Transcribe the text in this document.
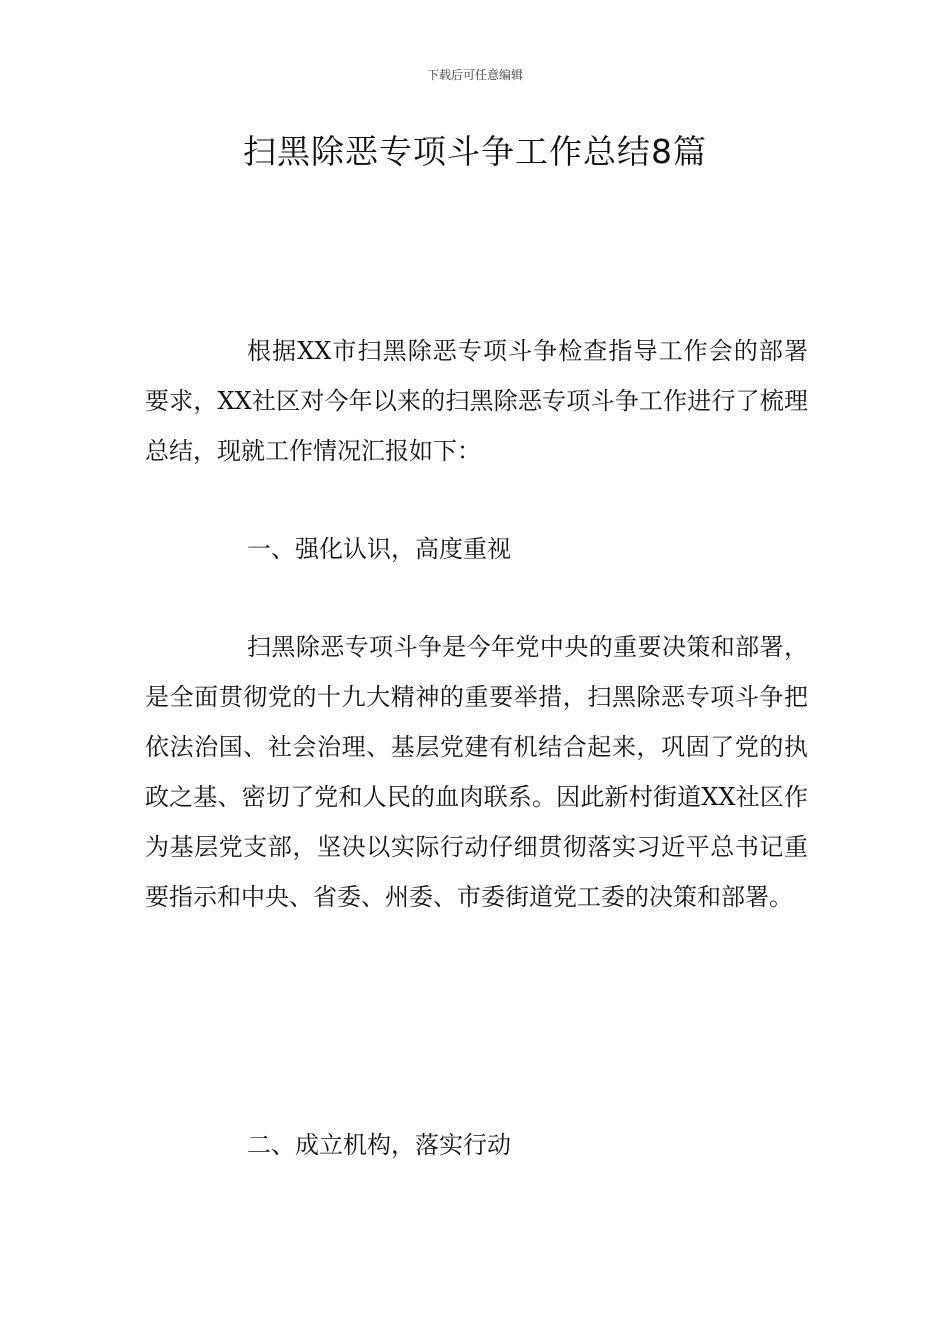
下载后可任意编辑
扫黑除恶专项斗争工作总结8篇
根据XX市扫黑除恶专项斗争检查指导工作会的部署要求，XX社区对今年以来的扫黑除恶专项斗争工作进行了梳理总结，现就工作情况汇报如下：
一、强化认识，高度重视
扫黑除恶专项斗争是今年党中央的重要决策和部署，是全面贯彻党的十九大精神的重要举措，扫黑除恶专项斗争把依法治国、社会治理、基层党建有机结合起来，巩固了党的执政之基、密切了党和人民的血肉联系。因此新村街道XX社区作为基层党支部，坚决以实际行动仔细贯彻落实习近平总书记重要指示和中央、省委、州委、市委街道党工委的决策和部署。
二、成立机构，落实行动
